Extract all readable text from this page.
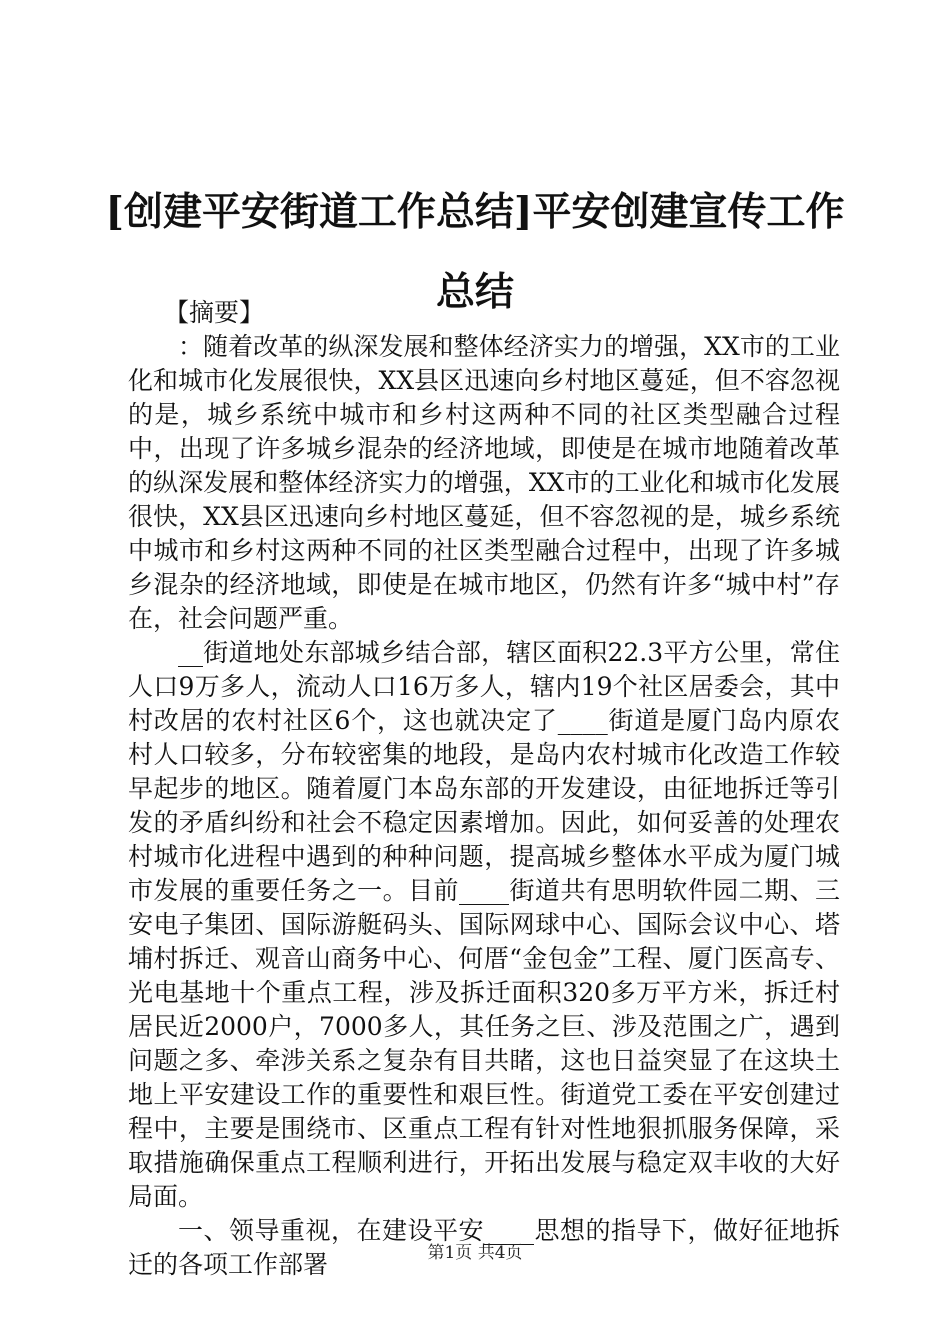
[创建平安街道工作总结]平安创建宣传工作总结

【摘要】

：随着改革的纵深发展和整体经济实力的增强，XX市的工业化和城市化发展很快，XX县区迅速向乡村地区蔓延，但不容忽视的是，城乡系统中城市和乡村这两种不同的社区类型融合过程中，出现了许多城乡混杂的经济地域，即使是在城市地随着改革的纵深发展和整体经济实力的增强，XX市的工业化和城市化发展很快，XX县区迅速向乡村地区蔓延，但不容忽视的是，城乡系统中城市和乡村这两种不同的社区类型融合过程中，出现了许多城乡混杂的经济地域，即使是在城市地区，仍然有许多“城中村”存在，社会问题严重。

__街道地处东部城乡结合部，辖区面积22.3平方公里，常住人口9万多人，流动人口16万多人，辖内19个社区居委会，其中村改居的农村社区6个，这也就决定了____街道是厦门岛内原农村人口较多，分布较密集的地段，是岛内农村城市化改造工作较早起步的地区。随着厦门本岛东部的开发建设，由征地拆迁等引发的矛盾纠纷和社会不稳定因素增加。因此，如何妥善的处理农村城市化进程中遇到的种种问题，提高城乡整体水平成为厦门城市发展的重要任务之一。目前____街道共有思明软件园二期、三安电子集团、国际游艇码头、国际网球中心、国际会议中心、塔埔村拆迁、观音山商务中心、何厝“金包金”工程、厦门医高专、光电基地十个重点工程，涉及拆迁面积320多万平方米，拆迁村居民近2000户，7000多人，其任务之巨、涉及范围之广，遇到问题之多、牵涉关系之复杂有目共睹，这也日益突显了在这块土地上平安建设工作的重要性和艰巨性。街道党工委在平安创建过程中，主要是围绕市、区重点工程有针对性地狠抓服务保障，采取措施确保重点工程顺利进行，开拓出发展与稳定双丰收的大好局面。

一、领导重视，在建设平安____思想的指导下，做好征地拆迁的各项工作部署	第1页 共4页
